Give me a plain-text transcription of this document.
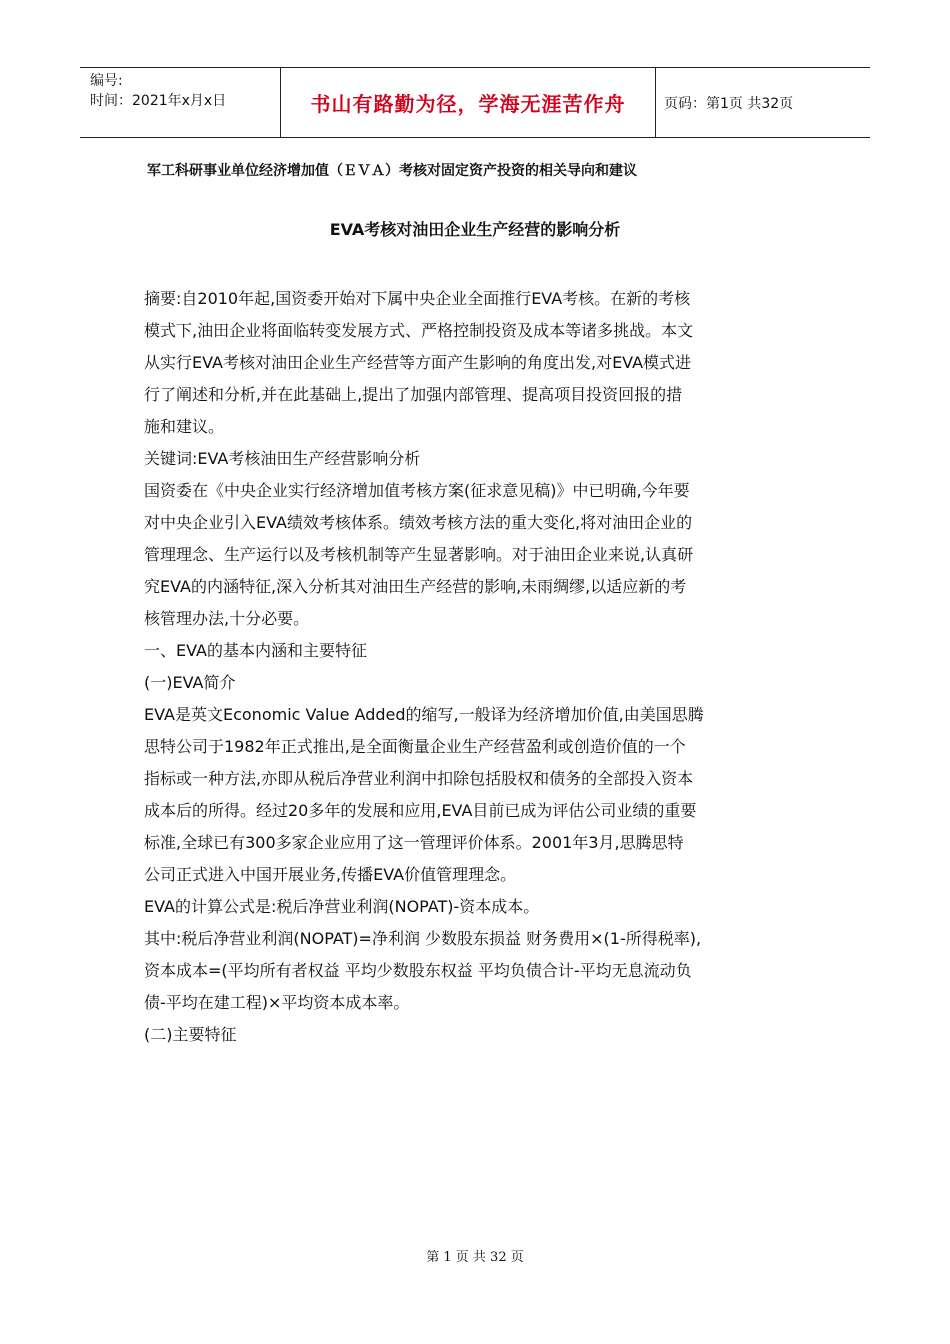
编号:
时间：2021年x月x日	书山有路勤为径，学海无涯苦作舟	页码：第1页 共32页
军工科研事业单位经济增加值（ＥＶＡ）考核对固定资产投资的相关导向和建议
EVA考核对油田企业生产经营的影响分析

摘要:自2010年起,国资委开始对下属中央企业全面推行EVA考核。在新的考核

模式下,油田企业将面临转变发展方式、严格控制投资及成本等诸多挑战。本文

从实行EVA考核对油田企业生产经营等方面产生影响的角度出发,对EVA模式进

行了阐述和分析,并在此基础上,提出了加强内部管理、提高项目投资回报的措

施和建议。

关键词:EVA考核油田生产经营影响分析

国资委在《中央企业实行经济增加值考核方案(征求意见稿)》中已明确,今年要

对中央企业引入EVA绩效考核体系。绩效考核方法的重大变化,将对油田企业的

管理理念、生产运行以及考核机制等产生显著影响。对于油田企业来说,认真研

究EVA的内涵特征,深入分析其对油田生产经营的影响,未雨绸缪,以适应新的考

核管理办法,十分必要。

一、EVA的基本内涵和主要特征

(一)EVA简介

EVA是英文Economic Value Added的缩写,一般译为经济增加价值,由美国思腾

思特公司于1982年正式推出,是全面衡量企业生产经营盈利或创造价值的一个

指标或一种方法,亦即从税后净营业利润中扣除包括股权和债务的全部投入资本

成本后的所得。经过20多年的发展和应用,EVA目前已成为评估公司业绩的重要

标准,全球已有300多家企业应用了这一管理评价体系。2001年3月,思腾思特

公司正式进入中国开展业务,传播EVA价值管理理念。

EVA的计算公式是:税后净营业利润(NOPAT)-资本成本。

其中:税后净营业利润(NOPAT)=净利润 少数股东损益 财务费用×(1-所得税率),

资本成本=(平均所有者权益 平均少数股东权益 平均负债合计-平均无息流动负

债-平均在建工程)×平均资本成本率。

(二)主要特征

第 1 页 共 32 页
